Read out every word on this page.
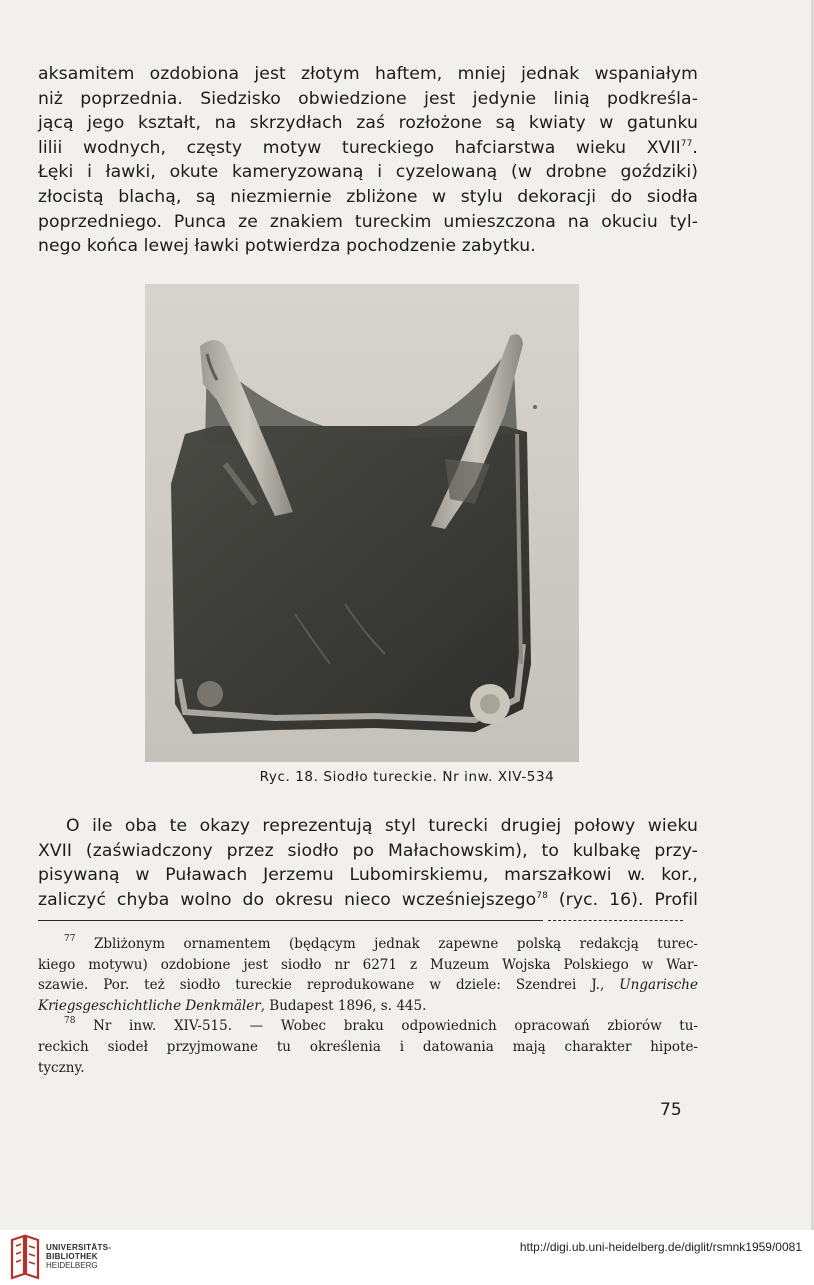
aksamitem ozdobiona jest złotym haftem, mniej jednak wspaniałym
niż poprzednia. Siedzisko obwiedzione jest jedynie linią podkreśla-
jącą jego kształt, na skrzydłach zaś rozłożone są kwiaty w gatunku
lilii wodnych, częsty motyw tureckiego hafciarstwa wieku XVII$^{77}$.
Łęki i ławki, okute kameryzowaną i cyzelowaną (w drobne goździki)
złocistą blachą, są niezmiernie zbliżone w stylu dekoracji do siodła
poprzedniego. Punca ze znakiem tureckim umieszczona na okuciu tyl-
nego końca lewej ławki potwierdza pochodzenie zabytku.
Ryc. 18. Siodło tureckie. Nr inw. XIV-534
O ile oba te okazy reprezentują styl turecki drugiej połowy wieku
XVII (zaświadczony przez siodło po Małachowskim), to kulbakę przy-
pisywaną w Puławach Jerzemu Lubomirskiemu, marszałkowi w. kor.,
zaliczyć chyba wolno do okresu nieco wcześniejszego$^{78}$ (ryc. 16). Profil
$^{77}$ Zbliżonym ornamentem (będącym jednak zapewne polską redakcją turec-
kiego motywu) ozdobione jest siodło nr 6271 z Muzeum Wojska Polskiego w War-
szawie. Por. też siodło tureckie reprodukowane w dziele: Szendrei J., Ungarische
Kriegsgeschichtliche Denkmäler, Budapest 1896, s. 445.
$^{78}$ Nr inw. XIV-515. — Wobec braku odpowiednich opracowań zbiorów tu-
reckich siodeł przyjmowane tu określenia i datowania mają charakter hipote-
tyczny.
75
UNIVERSITÄTS-
BIBLIOTHEK
HEIDELBERG
http://digi.ub.uni-heidelberg.de/diglit/rsmnk1959/0081
